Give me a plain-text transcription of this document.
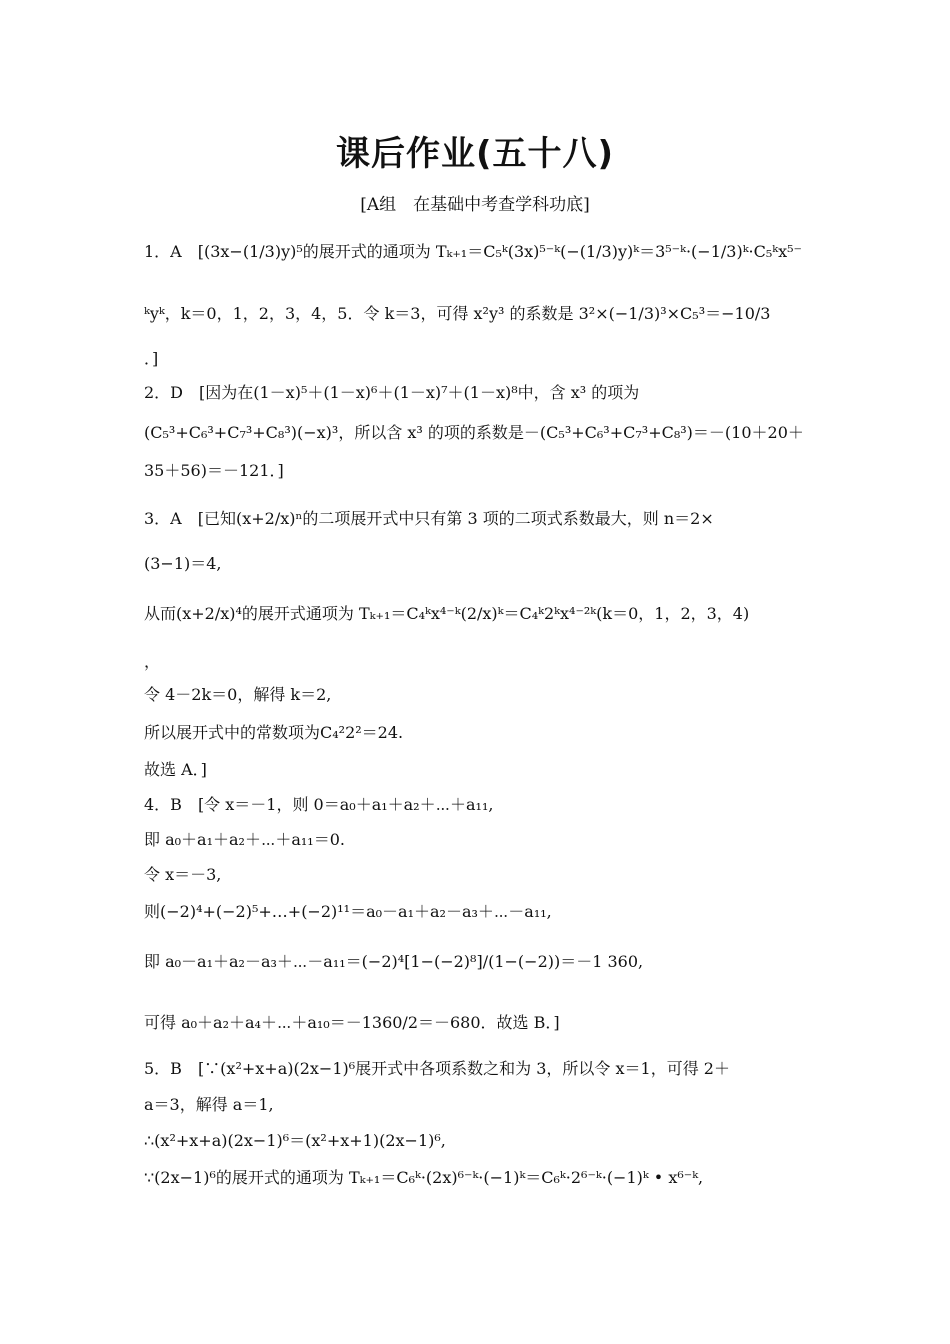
课后作业(五十八)
[A组　在基础中考查学科功底]
1．A　[(3x−(1/3)y)⁵的展开式的通项为 Tₖ₊₁＝C₅ᵏ(3x)⁵⁻ᵏ(−(1/3)y)ᵏ＝3⁵⁻ᵏ·(−1/3)ᵏ·C₅ᵏx⁵⁻
ᵏyᵏ，k＝0，1，2，3，4，5．令 k＝3，可得 x²y³ 的系数是 3²×(−1/3)³×C₅³＝−10/3
．]
2．D　[因为在(1－x)⁵＋(1－x)⁶＋(1－x)⁷＋(1－x)⁸中，含 x³ 的项为
(C₅³+C₆³+C₇³+C₈³)(−x)³，所以含 x³ 的项的系数是－(C₅³+C₆³+C₇³+C₈³)＝－(10＋20＋
35＋56)＝－121．]
3．A　[已知(x+2/x)ⁿ的二项展开式中只有第 3 项的二项式系数最大，则 n＝2×
(3−1)＝4,
从而(x+2/x)⁴的展开式通项为 Tₖ₊₁＝C₄ᵏx⁴⁻ᵏ(2/x)ᵏ＝C₄ᵏ2ᵏx⁴⁻²ᵏ(k＝0，1，2，3，4)
，
令 4－2k＝0，解得 k＝2,
所以展开式中的常数项为C₄²2²＝24.
故选 A．]
4．B　[令 x＝－1，则 0＝a₀＋a₁＋a₂＋⋯＋a₁₁,
即 a₀＋a₁＋a₂＋⋯＋a₁₁＝0.
令 x＝－3,
则(−2)⁴+(−2)⁵+…+(−2)¹¹＝a₀－a₁＋a₂－a₃＋⋯－a₁₁,
即 a₀－a₁＋a₂－a₃＋⋯－a₁₁＝(−2)⁴[1−(−2)⁸]/(1−(−2))＝－1 360,
可得 a₀＋a₂＋a₄＋⋯＋a₁₀＝－1360/2＝－680．故选 B．]
5．B　[∵(x²+x+a)(2x−1)⁶展开式中各项系数之和为 3，所以令 x＝1，可得 2＋
a＝3，解得 a＝1,
∴(x²+x+a)(2x−1)⁶＝(x²+x+1)(2x−1)⁶,
∵(2x−1)⁶的展开式的通项为 Tₖ₊₁＝C₆ᵏ·(2x)⁶⁻ᵏ·(−1)ᵏ＝C₆ᵏ·2⁶⁻ᵏ·(−1)ᵏ • x⁶⁻ᵏ,
